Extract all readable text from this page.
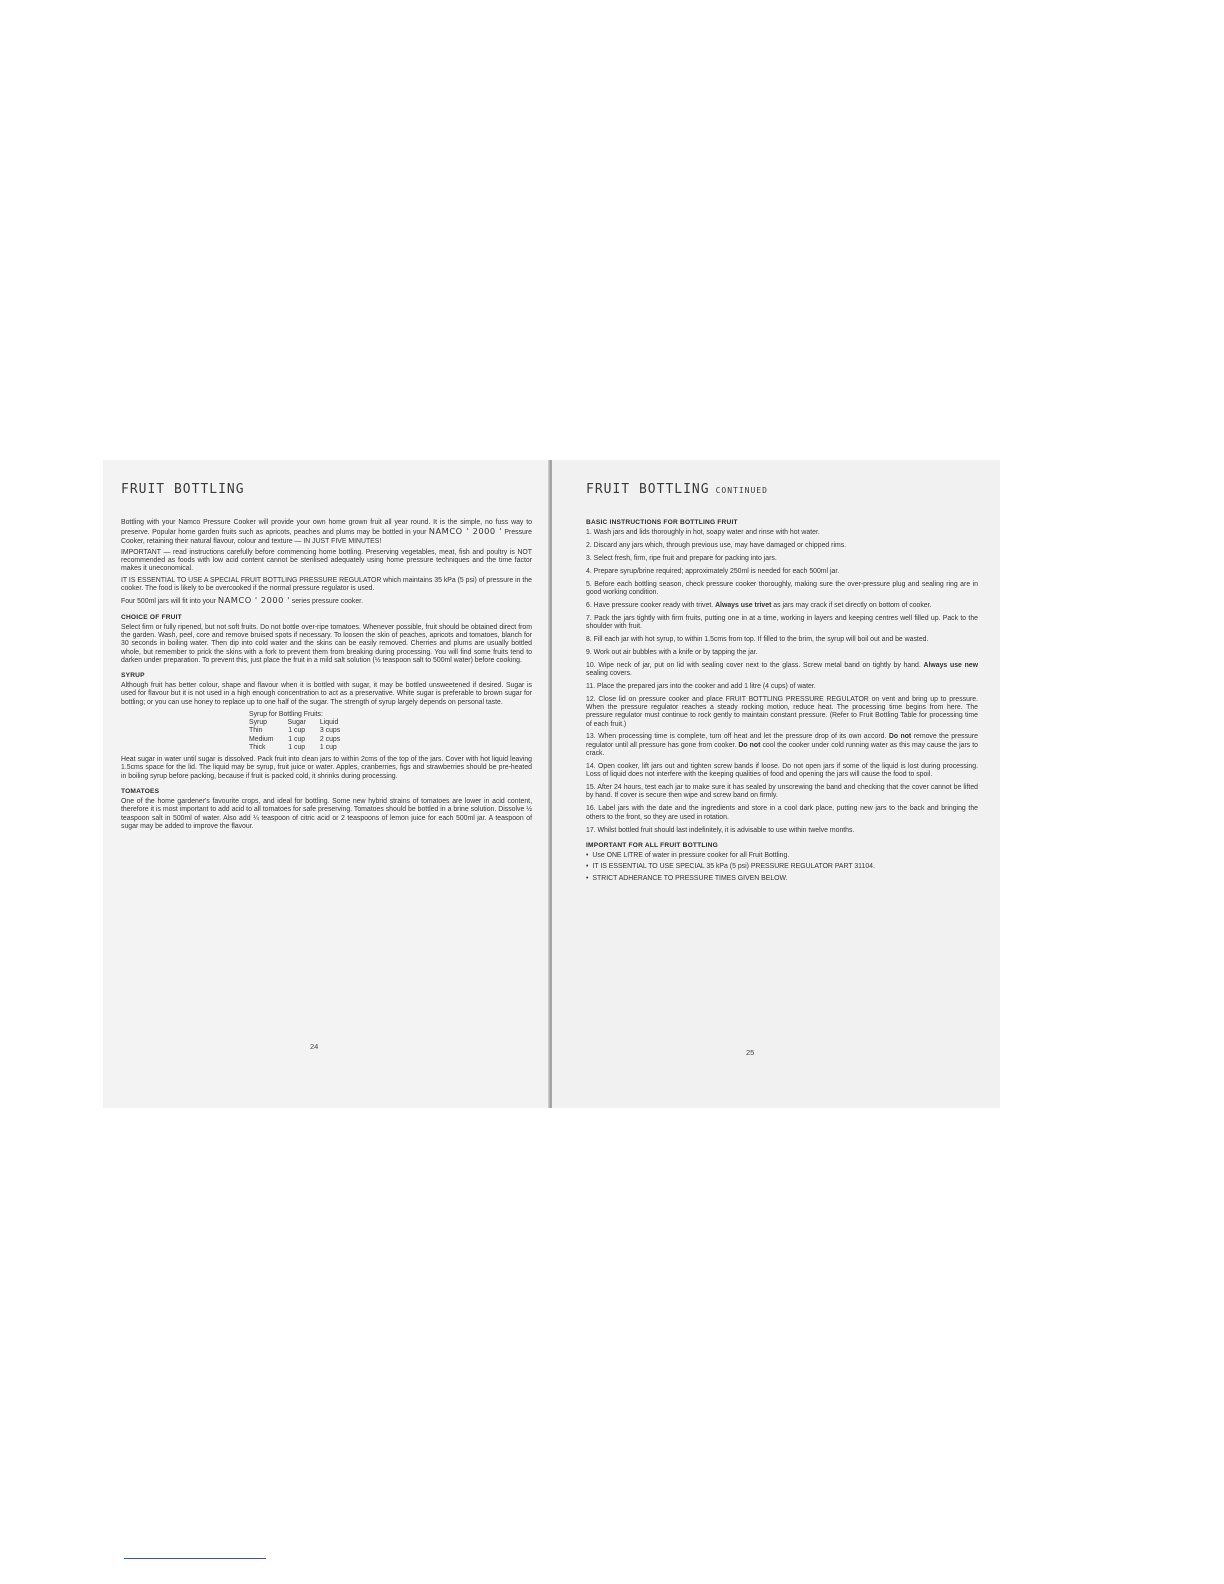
FRUIT BOTTLING

Bottling with your Namco Pressure Cooker will provide your own home grown fruit all year round. It is the simple, no fuss way to preserve. Popular home garden fruits such as apricots, peaches and plums may be bottled in your NAMCO ' 2000 ' Pressure Cooker, retaining their natural flavour, colour and texture — IN JUST FIVE MINUTES!

IMPORTANT — read instructions carefully before commencing home bottling. Preserving vegetables, meat, fish and poultry is NOT recommended as foods with low acid content cannot be sterilised adequately using home pressure techniques and the time factor makes it uneconomical.

IT IS ESSENTIAL TO USE A SPECIAL FRUIT BOTTLING PRESSURE REGULATOR which maintains 35 kPa (5 psi) of pressure in the cooker. The food is likely to be overcooked if the normal pressure regulator is used.

Four 500ml jars will fit into your NAMCO ' 2000 ' series pressure cooker.

CHOICE OF FRUIT

Select firm or fully ripened, but not soft fruits. Do not bottle over-ripe tomatoes. Whenever possible, fruit should be obtained direct from the garden. Wash, peel, core and remove bruised spots if necessary. To loosen the skin of peaches, apricots and tomatoes, blanch for 30 seconds in boiling water. Then dip into cold water and the skins can be easily removed. Cherries and plums are usually bottled whole, but remember to prick the skins with a fork to prevent them from breaking during processing. You will find some fruits tend to darken under preparation. To prevent this, just place the fruit in a mild salt solution (½ teaspoon salt to 500ml water) before cooking.

SYRUP

Although fruit has better colour, shape and flavour when it is bottled with sugar, it may be bottled unsweetened if desired. Sugar is used for flavour but it is not used in a high enough concentration to act as a preservative. White sugar is preferable to brown sugar for bottling; or you can use honey to replace up to one half of the sugar. The strength of syrup largely depends on personal taste.

Syrup for Bottling Fruits:		
Syrup	Sugar	Liquid
Thin	1 cup	3 cups
Medium	1 cup	2 cups
Thick	1 cup	1 cup

Heat sugar in water until sugar is dissolved. Pack fruit into clean jars to within 2cms of the top of the jars. Cover with hot liquid leaving 1.5cms space for the lid. The liquid may be syrup, fruit juice or water. Apples, cranberries, figs and strawberries should be pre-heated in boiling syrup before packing, because if fruit is packed cold, it shrinks during processing.

TOMATOES

One of the home gardener's favourite crops, and ideal for bottling. Some new hybrid strains of tomatoes are lower in acid content, therefore it is most important to add acid to all tomatoes for safe preserving. Tomatoes should be bottled in a brine solution. Dissolve ½ teaspoon salt in 500ml of water. Also add ¼ teaspoon of citric acid or 2 teaspoons of lemon juice for each 500ml jar. A teaspoon of sugar may be added to improve the flavour.

24
FRUIT BOTTLING CONTINUED
BASIC INSTRUCTIONS FOR BOTTLING FRUIT
1. Wash jars and lids thoroughly in hot, soapy water and rinse with hot water.
2. Discard any jars which, through previous use, may have damaged or chipped rims.
3. Select fresh, firm, ripe fruit and prepare for packing into jars.
4. Prepare syrup/brine required; approximately 250ml is needed for each 500ml jar.
5. Before each bottling season, check pressure cooker thoroughly, making sure the over-pressure plug and sealing ring are in good working condition.
6. Have pressure cooker ready with trivet. Always use trivet as jars may crack if set directly on bottom of cooker.
7. Pack the jars tightly with firm fruits, putting one in at a time, working in layers and keeping centres well filled up. Pack to the shoulder with fruit.
8. Fill each jar with hot syrup, to within 1.5cms from top. If filled to the brim, the syrup will boil out and be wasted.
9. Work out air bubbles with a knife or by tapping the jar.
10. Wipe neck of jar, put on lid with sealing cover next to the glass. Screw metal band on tightly by hand. Always use new sealing covers.
11. Place the prepared jars into the cooker and add 1 litre (4 cups) of water.
12. Close lid on pressure cooker and place FRUIT BOTTLING PRESSURE REGULATOR on vent and bring up to pressure. When the pressure regulator reaches a steady rocking motion, reduce heat. The processing time begins from here. The pressure regulator must continue to rock gently to maintain constant pressure. (Refer to Fruit Bottling Table for processing time of each fruit.)
13. When processing time is complete, turn off heat and let the pressure drop of its own accord. Do not remove the pressure regulator until all pressure has gone from cooker. Do not cool the cooker under cold running water as this may cause the jars to crack.
14. Open cooker, lift jars out and tighten screw bands if loose. Do not open jars if some of the liquid is lost during processing. Loss of liquid does not interfere with the keeping qualities of food and opening the jars will cause the food to spoil.
15. After 24 hours, test each jar to make sure it has sealed by unscrewing the band and checking that the cover cannot be lifted by hand. If cover is secure then wipe and screw band on firmly.
16. Label jars with the date and the ingredients and store in a cool dark place, putting new jars to the back and bringing the others to the front, so they are used in rotation.
17. Whilst bottled fruit should last indefinitely, it is advisable to use within twelve months.
IMPORTANT FOR ALL FRUIT BOTTLING
• Use ONE LITRE of water in pressure cooker for all Fruit Bottling.
• IT IS ESSENTIAL TO USE SPECIAL 35 kPa (5 psi) PRESSURE REGULATOR PART 31104.
• STRICT ADHERANCE TO PRESSURE TIMES GIVEN BELOW.
25
